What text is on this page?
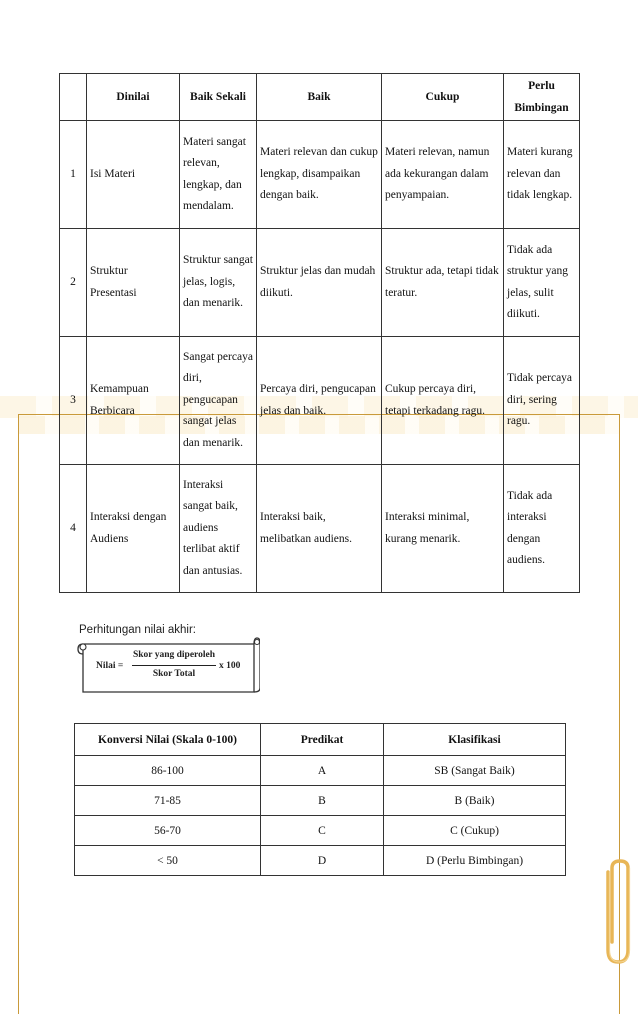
	Dinilai	Baik Sekali	Baik	Cukup	Perlu Bimbingan
1	Isi Materi	Materi sangat relevan, lengkap, dan mendalam.	Materi relevan dan cukup lengkap, disampaikan dengan baik.	Materi relevan, namun ada kekurangan dalam penyampaian.	Materi kurang relevan dan tidak lengkap.
2	Struktur Presentasi	Struktur sangat jelas, logis, dan menarik.	Struktur jelas dan mudah diikuti.	Struktur ada, tetapi tidak teratur.	Tidak ada struktur yang jelas, sulit diikuti.
3	Kemampuan Berbicara	Sangat percaya diri, pengucapan sangat jelas dan menarik.	Percaya diri, pengucapan jelas dan baik.	Cukup percaya diri, tetapi terkadang ragu.	Tidak percaya diri, sering ragu.
4	Interaksi dengan Audiens	Interaksi sangat baik, audiens terlibat aktif dan antusias.	Interaksi baik, melibatkan audiens.	Interaksi minimal, kurang menarik.	Tidak ada interaksi dengan audiens.
Perhitungan nilai akhir:
Nilai =
Skor yang diperoleh
Skor Total
x 100
Konversi Nilai (Skala 0-100)	Predikat	Klasifikasi
86-100	A	SB (Sangat Baik)
71-85	B	B (Baik)
56-70	C	C (Cukup)
< 50	D	D (Perlu Bimbingan)
